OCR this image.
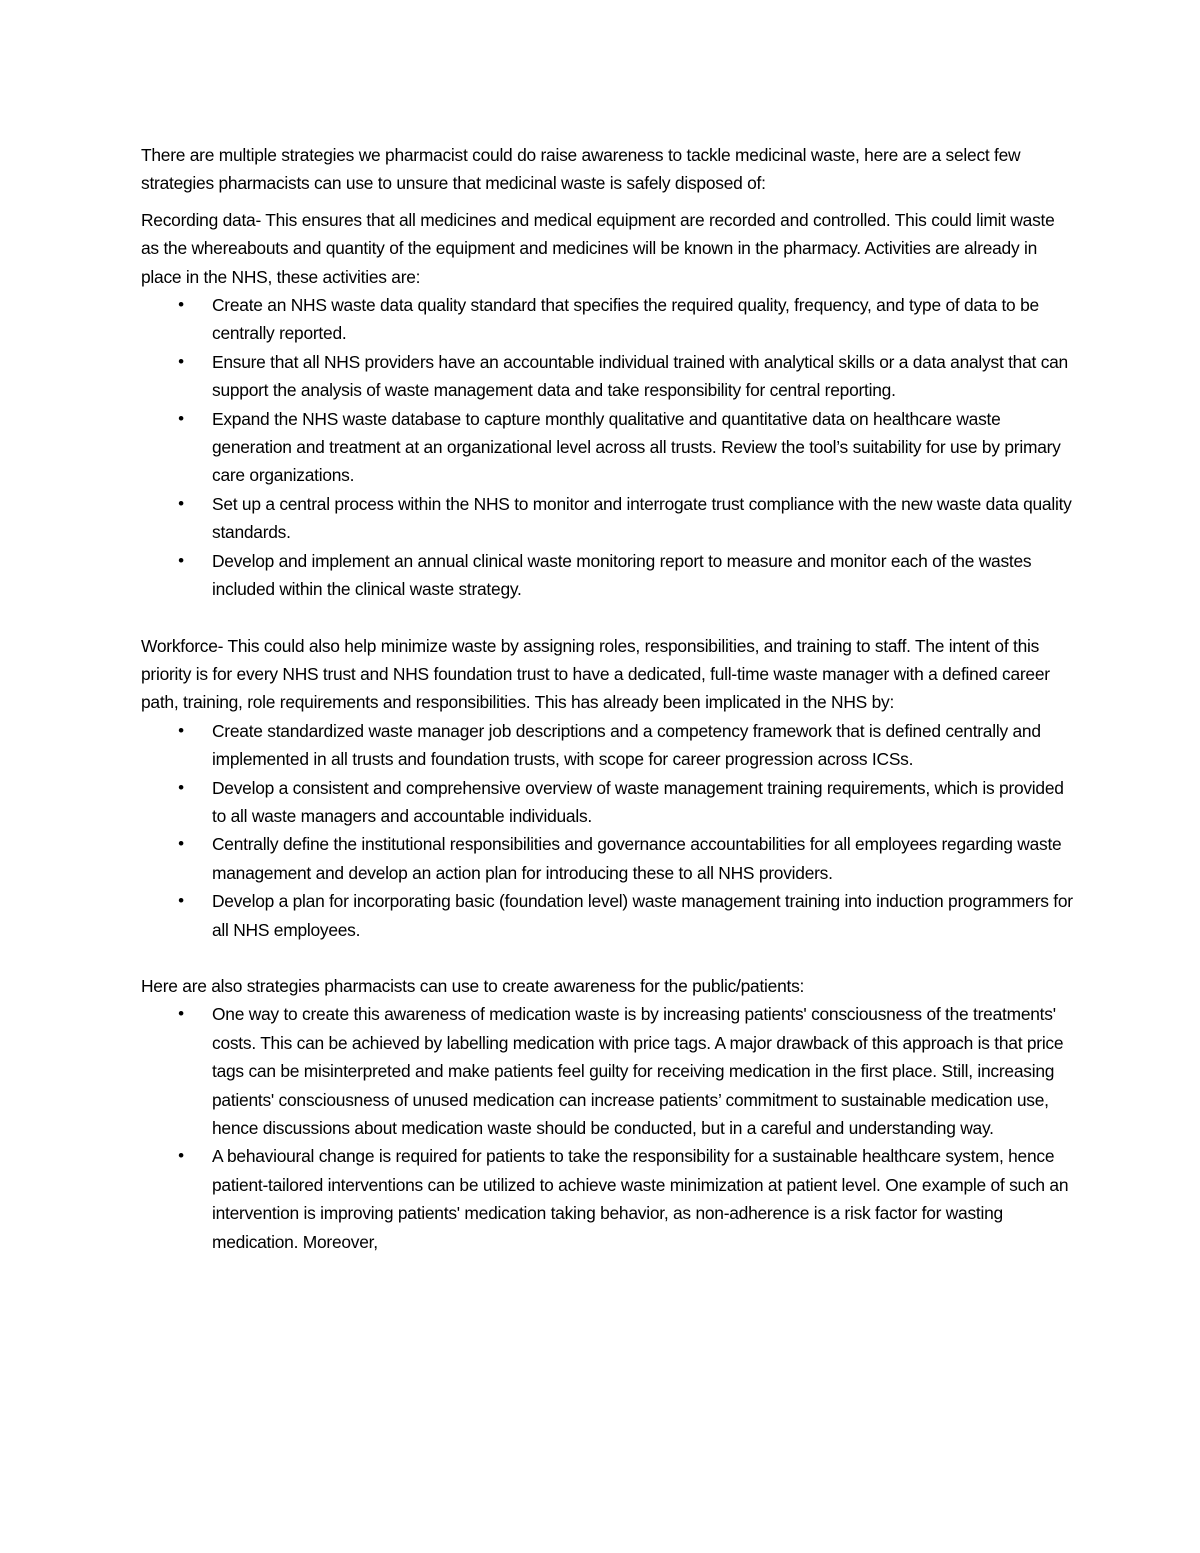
There are multiple strategies we pharmacist could do raise awareness to tackle medicinal waste, here are a select few strategies pharmacists can use to unsure that medicinal waste is safely disposed of:

Recording data- This ensures that all medicines and medical equipment are recorded and controlled. This could limit waste as the whereabouts and quantity of the equipment and medicines will be known in the pharmacy. Activities are already in place in the NHS, these activities are:

• Create an NHS waste data quality standard that specifies the required quality, frequency, and type of data to be centrally reported.
• Ensure that all NHS providers have an accountable individual trained with analytical skills or a data analyst that can support the analysis of waste management data and take responsibility for central reporting.
• Expand the NHS waste database to capture monthly qualitative and quantitative data on healthcare waste generation and treatment at an organizational level across all trusts. Review the tool’s suitability for use by primary care organizations.
• Set up a central process within the NHS to monitor and interrogate trust compliance with the new waste data quality standards.
• Develop and implement an annual clinical waste monitoring report to measure and monitor each of the wastes included within the clinical waste strategy.

Workforce- This could also help minimize waste by assigning roles, responsibilities, and training to staff. The intent of this priority is for every NHS trust and NHS foundation trust to have a dedicated, full-time waste manager with a defined career path, training, role requirements and responsibilities. This has already been implicated in the NHS by:

• Create standardized waste manager job descriptions and a competency framework that is defined centrally and implemented in all trusts and foundation trusts, with scope for career progression across ICSs.
• Develop a consistent and comprehensive overview of waste management training requirements, which is provided to all waste managers and accountable individuals.
• Centrally define the institutional responsibilities and governance accountabilities for all employees regarding waste management and develop an action plan for introducing these to all NHS providers.
• Develop a plan for incorporating basic (foundation level) waste management training into induction programmers for all NHS employees.

Here are also strategies pharmacists can use to create awareness for the public/patients:

• One way to create this awareness of medication waste is by increasing patients' consciousness of the treatments' costs. This can be achieved by labelling medication with price tags. A major drawback of this approach is that price tags can be misinterpreted and make patients feel guilty for receiving medication in the first place. Still, increasing patients' consciousness of unused medication can increase patients’ commitment to sustainable medication use, hence discussions about medication waste should be conducted, but in a careful and understanding way.
• A behavioural change is required for patients to take the responsibility for a sustainable healthcare system, hence patient-tailored interventions can be utilized to achieve waste minimization at patient level. One example of such an intervention is improving patients' medication taking behavior, as non-adherence is a risk factor for wasting medication. Moreover,
